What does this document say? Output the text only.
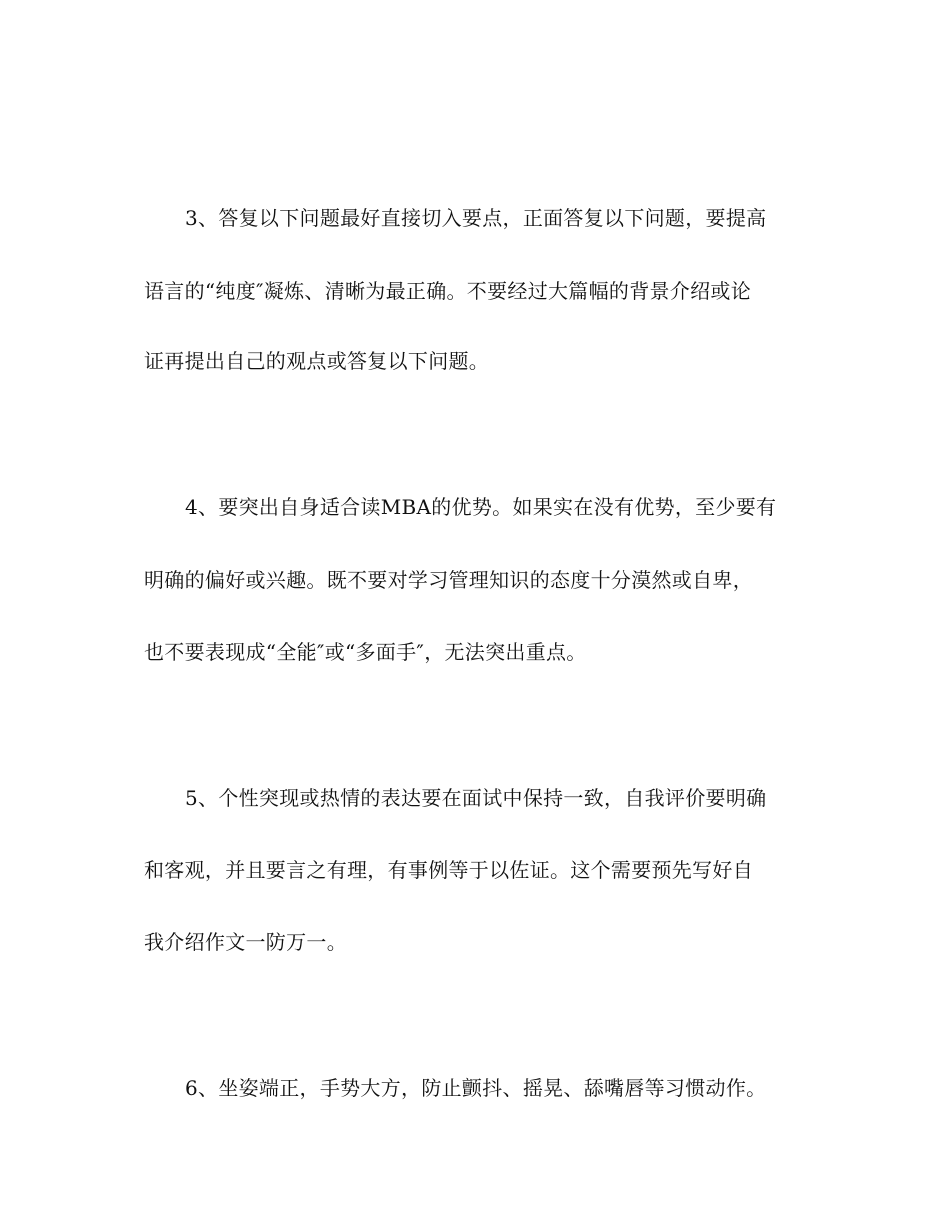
3、答复以下问题最好直接切入要点，正面答复以下问题，要提高
语言的“纯度″凝炼、清晰为最正确。不要经过大篇幅的背景介绍或论
证再提出自己的观点或答复以下问题。
4、要突出自身适合读MBA的优势。如果实在没有优势，至少要有
明确的偏好或兴趣。既不要对学习管理知识的态度十分漠然或自卑，
也不要表现成“全能″或“多面手″，无法突出重点。
5、个性突现或热情的表达要在面试中保持一致，自我评价要明确
和客观，并且要言之有理，有事例等于以佐证。这个需要预先写好自
我介绍作文一防万一。
6、坐姿端正，手势大方，防止颤抖、摇晃、舔嘴唇等习惯动作。
